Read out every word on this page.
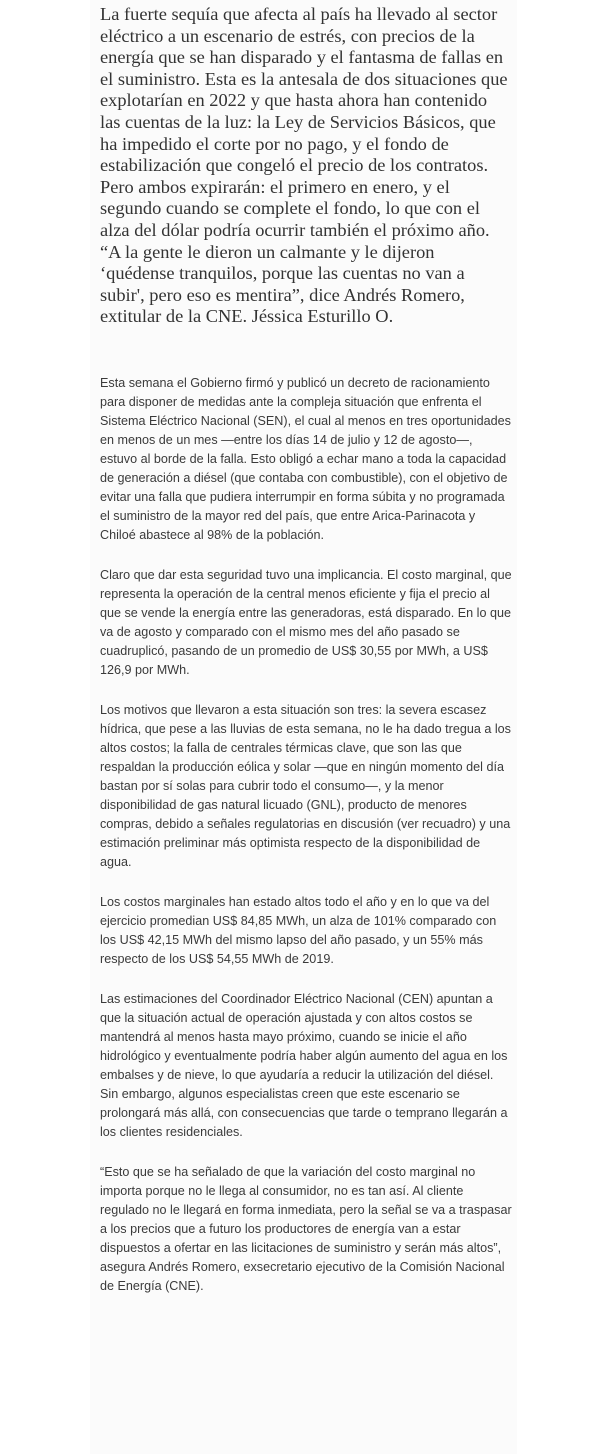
La fuerte sequía que afecta al país ha llevado al sector eléctrico a un escenario de estrés, con precios de la energía que se han disparado y el fantasma de fallas en el suministro. Esta es la antesala de dos situaciones que explotarían en 2022 y que hasta ahora han contenido las cuentas de la luz: la Ley de Servicios Básicos, que ha impedido el corte por no pago, y el fondo de estabilización que congeló el precio de los contratos. Pero ambos expirarán: el primero en enero, y el segundo cuando se complete el fondo, lo que con el alza del dólar podría ocurrir también el próximo año. “A la gente le dieron un calmante y le dijeron ‘quédense tranquilos, porque las cuentas no van a subir', pero eso es mentira”, dice Andrés Romero, extitular de la CNE. Jéssica Esturillo O.

Esta semana el Gobierno firmó y publicó un decreto de racionamiento para disponer de medidas ante la compleja situación que enfrenta el Sistema Eléctrico Nacional (SEN), el cual al menos en tres oportunidades en menos de un mes —entre los días 14 de julio y 12 de agosto—, estuvo al borde de la falla. Esto obligó a echar mano a toda la capacidad de generación a diésel (que contaba con combustible), con el objetivo de evitar una falla que pudiera interrumpir en forma súbita y no programada el suministro de la mayor red del país, que entre Arica-Parinacota y Chiloé abastece al 98% de la población.

Claro que dar esta seguridad tuvo una implicancia. El costo marginal, que representa la operación de la central menos eficiente y fija el precio al que se vende la energía entre las generadoras, está disparado. En lo que va de agosto y comparado con el mismo mes del año pasado se cuadruplicó, pasando de un promedio de US$ 30,55 por MWh, a US$ 126,9 por MWh.

Los motivos que llevaron a esta situación son tres: la severa escasez hídrica, que pese a las lluvias de esta semana, no le ha dado tregua a los altos costos; la falla de centrales térmicas clave, que son las que respaldan la producción eólica y solar —que en ningún momento del día bastan por sí solas para cubrir todo el consumo—, y la menor disponibilidad de gas natural licuado (GNL), producto de menores compras, debido a señales regulatorias en discusión (ver recuadro) y una estimación preliminar más optimista respecto de la disponibilidad de agua.

Los costos marginales han estado altos todo el año y en lo que va del ejercicio promedian US$ 84,85 MWh, un alza de 101% comparado con los US$ 42,15 MWh del mismo lapso del año pasado, y un 55% más respecto de los US$ 54,55 MWh de 2019.

Las estimaciones del Coordinador Eléctrico Nacional (CEN) apuntan a que la situación actual de operación ajustada y con altos costos se mantendrá al menos hasta mayo próximo, cuando se inicie el año hidrológico y eventualmente podría haber algún aumento del agua en los embalses y de nieve, lo que ayudaría a reducir la utilización del diésel. Sin embargo, algunos especialistas creen que este escenario se prolongará más allá, con consecuencias que tarde o temprano llegarán a los clientes residenciales.

“Esto que se ha señalado de que la variación del costo marginal no importa porque no le llega al consumidor, no es tan así. Al cliente regulado no le llegará en forma inmediata, pero la señal se va a traspasar a los precios que a futuro los productores de energía van a estar dispuestos a ofertar en las licitaciones de suministro y serán más altos”, asegura Andrés Romero, exsecretario ejecutivo de la Comisión Nacional de Energía (CNE).
